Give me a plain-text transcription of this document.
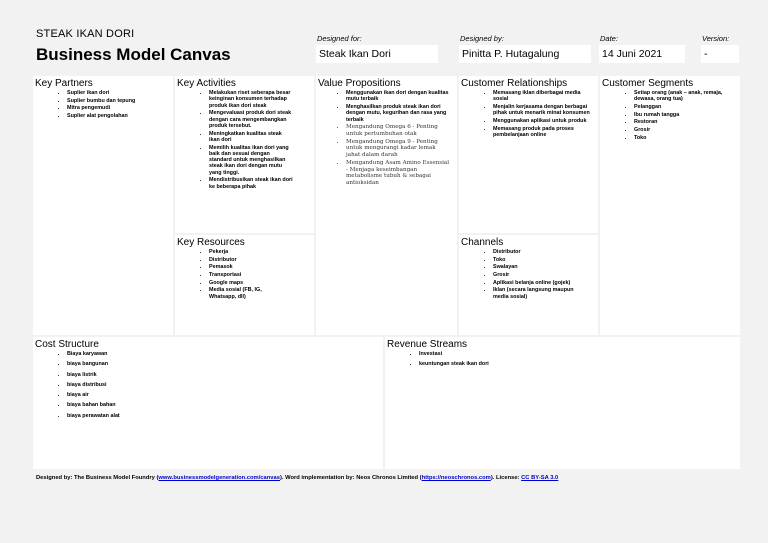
STEAK IKAN DORI
Business Model Canvas
Designed for:
Steak Ikan Dori
Designed by:
Pinitta P. Hutagalung
Date:
14 Juni 2021
Version:
-
Key Partners
• Suplier ikan dori
• Suplier bumbu dan tepung
• Mitra pengemudi
• Suplier alat pengolahan
Key Activities
• Melakukan riset seberapa besar keinginan konsumen terhadap produk ikan dori steak
• Mengevaluasi produk dori steak dengan cara mengembangkan produk tersebut.
• Meningkatkan kualitas steak ikan dori
• Memilih kualitas ikan dori yang baik dan sesuai dengan standard untuk menghasilkan steak ikan dori dengan mutu yang tinggi.
• Mendistribusikan steak ikan dori ke beberapa pihak
Key Resources
• Pekerja
• Distributor
• Pemasok
• Transportasi
• Google maps
• Media sosial (FB, IG, Whatsapp, dll)
Value Propositions
• Menggunakan ikan dori dengan kualitas mutu terbaik
• Menghasilkan produk steak ikan dori dengan mutu, kegurihan dan rasa yang terbaik
• Mengandung Omega 6 - Penting untuk pertumbuhan otak
• Mengandung Omega 9 - Penting untuk mengurangi kadar lemak jahat dalam darah
• Mengandung Asam Amino Essensial - Menjaga keseimbangan metabolisme tubuh & sebagai antioksidan
Customer Relationships
• Memasang iklan diberbagai media sosial
• Menjalin kerjasama dengan berbagai pihak untuk menarik minat konsumen
• Menggunakan aplikasi untuk produk
• Memasang produk pada proses pembelanjaan online
Channels
• Distributor
• Toko
• Swalayan
• Grosir
• Aplikasi belanja online (gojek)
• Iklan (secara langsung maupun media sosial)
Customer Segments
• Setiap orang (anak – anak, remaja, dewasa, orang tua)
• Pelanggan
• Ibu rumah tangga
• Restoran
• Grosir
• Toko
Cost Structure
• Biaya karyawan
• biaya bangunan
• biaya listrik
• biaya distribusi
• biaya air
• biaya bahan bahan
• biaya perawatan alat
Revenue Streams
• Investasi
• keuntungan steak ikan dori
Designed by: The Business Model Foundry (www.businessmodelgeneration.com/canvas). Word implementation by: Neos Chronos Limited (https://neoschronos.com). License: CC BY-SA 3.0
